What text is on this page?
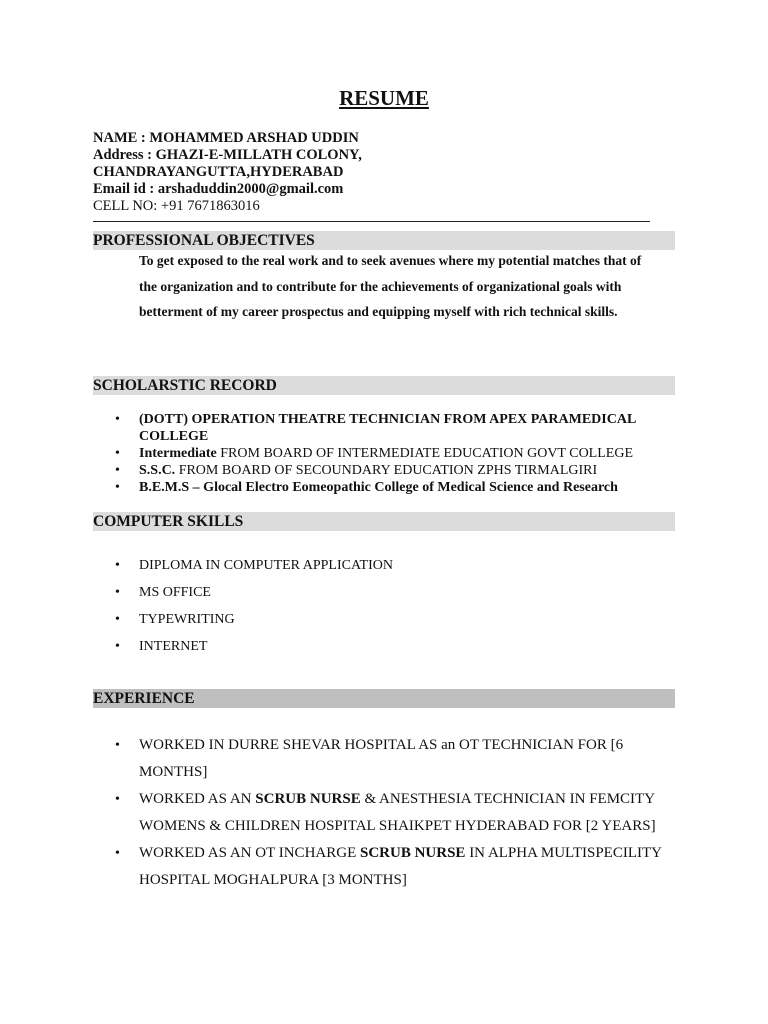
RESUME
NAME : MOHAMMED ARSHAD UDDIN
Address : GHAZI-E-MILLATH COLONY,
CHANDRAYANGUTTA,HYDERABAD
Email id : arshaduddin2000@gmail.com
CELL NO: +91 7671863016
PROFESSIONAL OBJECTIVES
To get exposed to the real work and to seek avenues where my potential matches that of the organization and to contribute for the achievements of organizational goals with betterment of my career prospectus and equipping myself with rich technical skills.
SCHOLARSTIC RECORD
• (DOTT) OPERATION THEATRE TECHNICIAN FROM APEX PARAMEDICAL COLLEGE
• Intermediate FROM BOARD OF INTERMEDIATE EDUCATION GOVT COLLEGE
• S.S.C. FROM BOARD OF SECOUNDARY EDUCATION ZPHS TIRMALGIRI
• B.E.M.S – Glocal Electro Eomeopathic College of Medical Science and Research
COMPUTER SKILLS
• DIPLOMA IN COMPUTER APPLICATION
• MS OFFICE
• TYPEWRITING
• INTERNET
EXPERIENCE
• WORKED IN DURRE SHEVAR HOSPITAL AS an OT TECHNICIAN FOR [6 MONTHS]
• WORKED AS AN SCRUB NURSE & ANESTHESIA TECHNICIAN IN FEMCITY WOMENS & CHILDREN HOSPITAL SHAIKPET HYDERABAD FOR [2 YEARS]
• WORKED AS AN OT INCHARGE SCRUB NURSE IN ALPHA MULTISPECILITY HOSPITAL MOGHALPURA [3 MONTHS]
